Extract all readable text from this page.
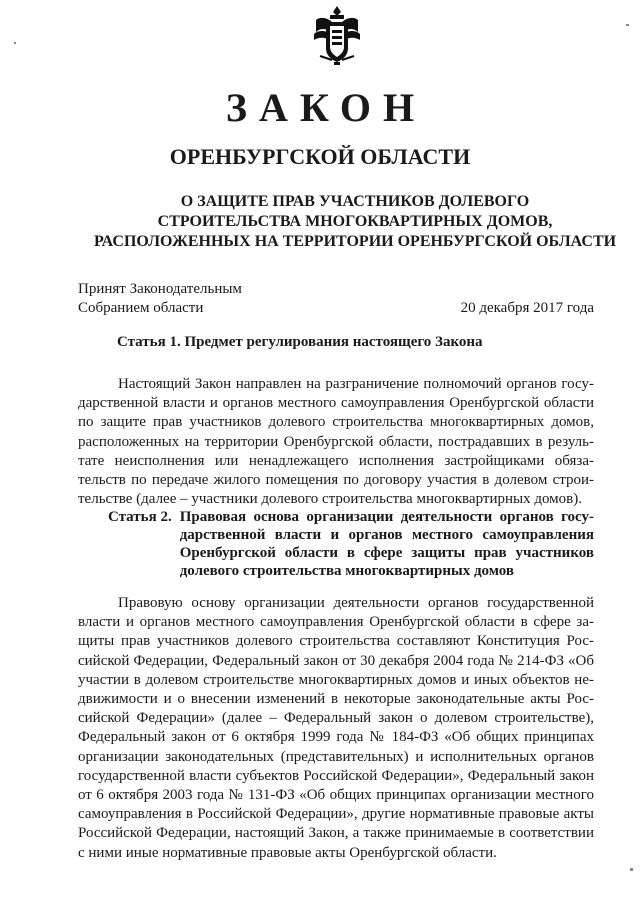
ЗАКОН
ОРЕНБУРГСКОЙ ОБЛАСТИ
О ЗАЩИТЕ ПРАВ УЧАСТНИКОВ ДОЛЕВОГО
СТРОИТЕЛЬСТВА МНОГОКВАРТИРНЫХ ДОМОВ,
РАСПОЛОЖЕННЫХ НА ТЕРРИТОРИИ ОРЕНБУРГСКОЙ ОБЛАСТИ
Принят Законодательным
Собранием области	20 декабря 2017 года
Статья 1. Предмет регулирования настоящего Закона
Настоящий Закон направлен на разграничение полномочий органов государственной власти и органов местного самоуправления Оренбургской области по защите прав участников долевого строительства многоквартирных домов, расположенных на территории Оренбургской области, пострадавших в результате неисполнения или ненадлежащего исполнения застройщиками обязательств по передаче жилого помещения по договору участия в долевом строительстве (далее – участники долевого строительства многоквартирных домов).
Статья 2. Правовая основа организации деятельности органов государственной власти и органов местного самоуправления Оренбургской области в сфере защиты прав участников долевого строительства многоквартирных домов
Правовую основу организации деятельности органов государственной власти и органов местного самоуправления Оренбургской области в сфере защиты прав участников долевого строительства составляют Конституция Российской Федерации, Федеральный закон от 30 декабря 2004 года № 214-ФЗ «Об участии в долевом строительстве многоквартирных домов и иных объектов недвижимости и о внесении изменений в некоторые законодательные акты Российской Федерации» (далее – Федеральный закон о долевом строительстве), Федеральный закон от 6 октября 1999 года № 184-ФЗ «Об общих принципах организации законодательных (представительных) и исполнительных органов государственной власти субъектов Российской Федерации», Федеральный закон от 6 октября 2003 года № 131-ФЗ «Об общих принципах организации местного самоуправления в Российской Федерации», другие нормативные правовые акты Российской Федерации, настоящий Закон, а также принимаемые в соответствии с ними иные нормативные правовые акты Оренбургской области.
